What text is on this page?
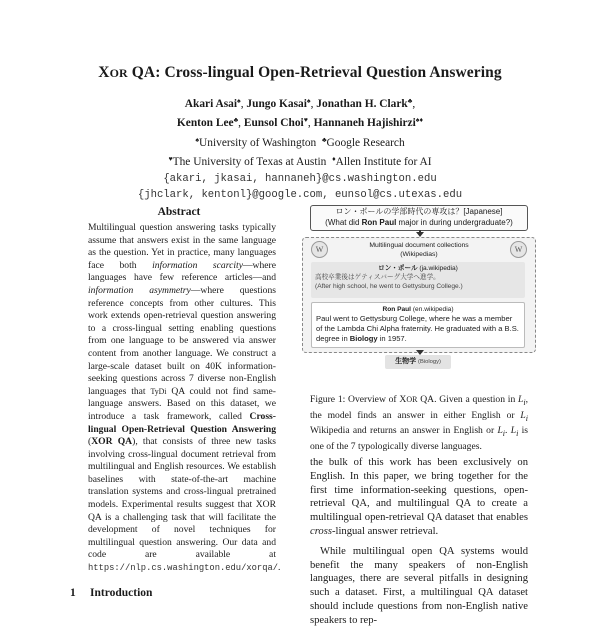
XOR QA: Cross-lingual Open-Retrieval Question Answering
Akari Asai♠, Jungo Kasai♠, Jonathan H. Clark♣,
Kenton Lee♣, Eunsol Choi♥, Hannaneh Hajishirzi♠♦
♠University of Washington ♣Google Research
♥The University of Texas at Austin ♦Allen Institute for AI
{akari, jkasai, hannaneh}@cs.washington.edu
{jhclark, kentonl}@google.com, eunsol@cs.utexas.edu
Abstract

Multilingual question answering tasks typically assume that answers exist in the same language as the question. Yet in practice, many languages face both information scarcity—where languages have few reference articles—and information asymmetry—where questions reference concepts from other cultures. This work extends open-retrieval question answering to a cross-lingual setting enabling questions from one language to be answered via answer content from another language. We construct a large-scale dataset built on 40K information-seeking questions across 7 diverse non-English languages that TyDi QA could not find same-language answers. Based on this dataset, we introduce a task framework, called Cross-lingual Open-Retrieval Question Answering (XOR QA), that consists of three new tasks involving cross-lingual document retrieval from multilingual and English resources. We establish baselines with state-of-the-art machine translation systems and cross-lingual pretrained models. Experimental results suggest that XOR QA is a challenging task that will facilitate the development of novel techniques for multilingual question answering. Our data and code are available at https://nlp.cs.washington.edu/xorqa/.

1 Introduction
ロン・ポールの学部時代の専攻は？[Japanese]
(What did Ron Paul major in during undergraduate?)
W	W
Multilingual document collections
(Wikipedias)
ロン・ポール (ja.wikipedia)
高校卒業後はゲティスバーグ大学へ進学。
(After high school, he went to Gettysburg College.)
Ron Paul (en.wikipedia)
Paul went to Gettysburg College, where he was a member of the Lambda Chi Alpha fraternity. He graduated with a B.S. degree in Biology in 1957.
生物学 (Biology)
Figure 1: Overview of XOR QA. Given a question in $L_i$, the model finds an answer in either English or $L_i$ Wikipedia and returns an answer in English or $L_i$. $L_i$ is one of the 7 typologically diverse languages.

the bulk of this work has been exclusively on English. In this paper, we bring together for the first time information-seeking questions, open-retrieval QA, and multilingual QA to create a multilingual open-retrieval QA dataset that enables cross-lingual answer retrieval.

While multilingual open QA systems would benefit the many speakers of non-English languages, there are several pitfalls in designing such a dataset. First, a multilingual QA dataset should include questions from non-English native speakers to rep-
